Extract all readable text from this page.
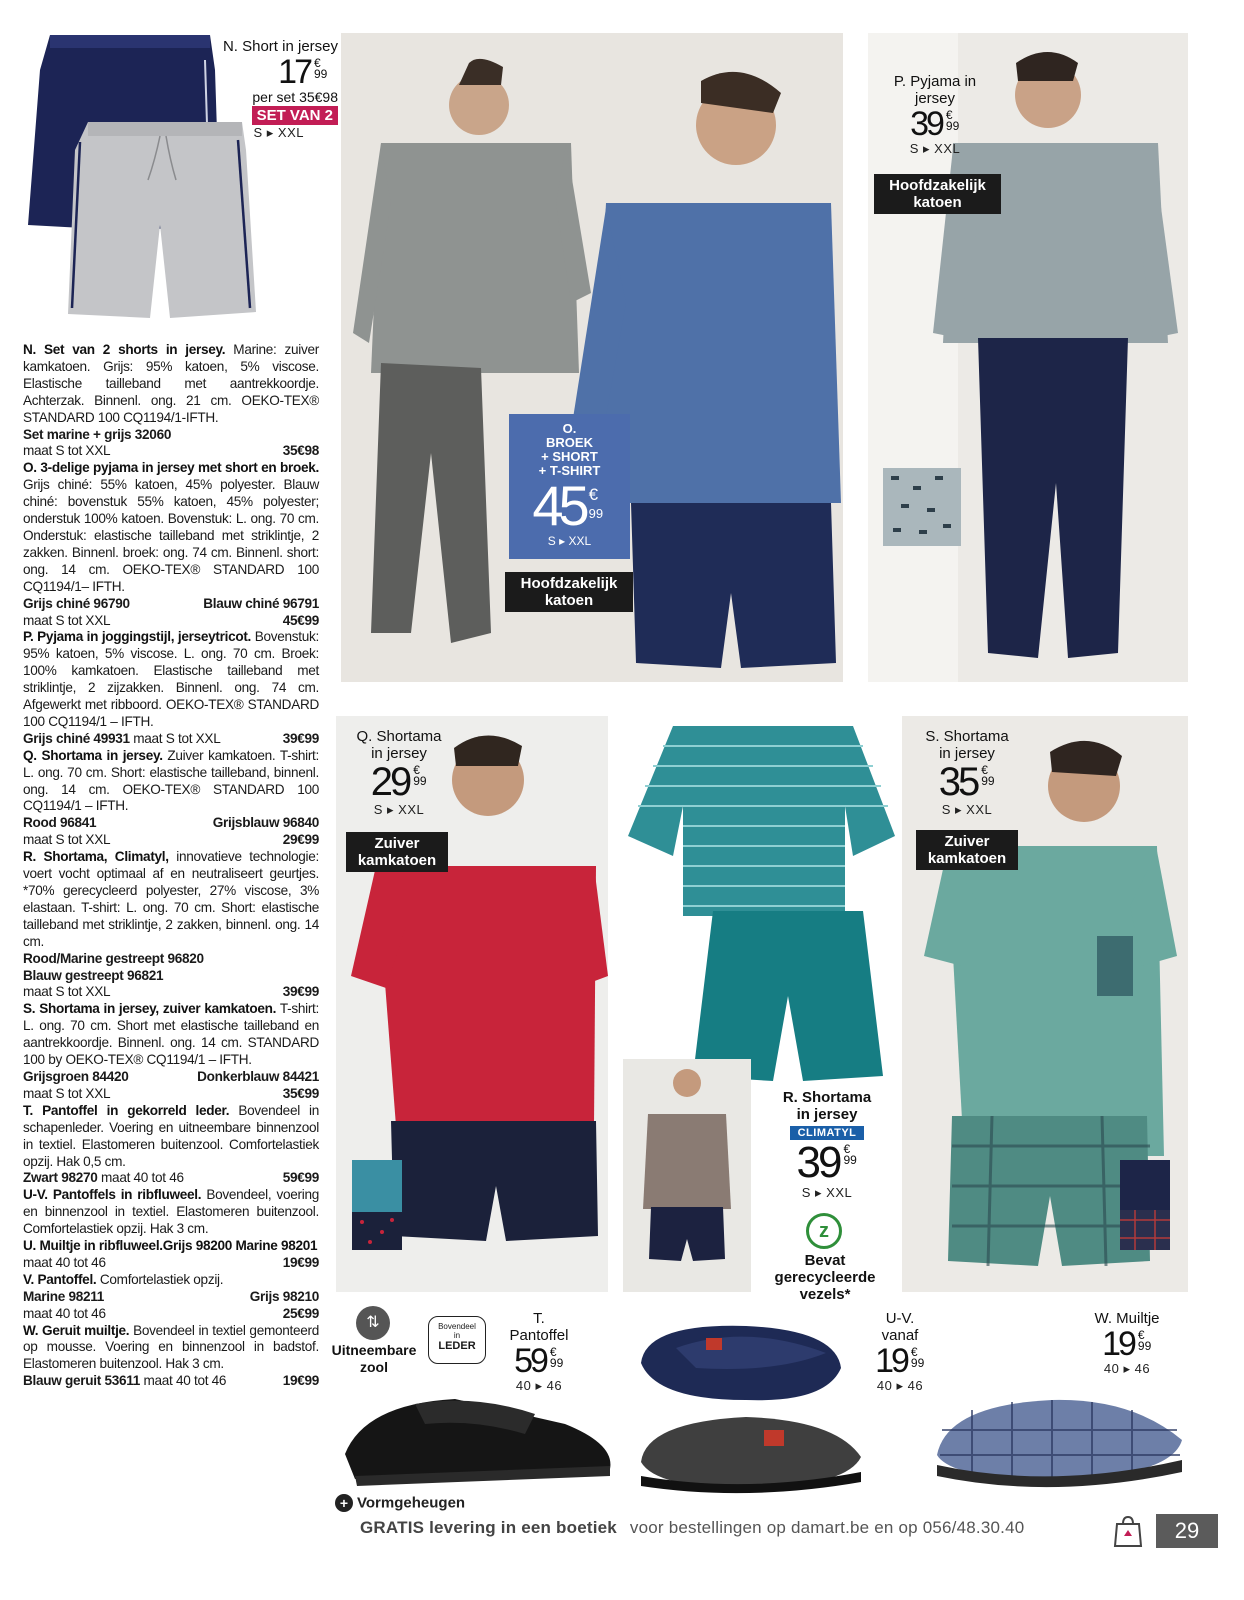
N. Short in jersey
17 €
99
per set 35€98
SET VAN 2
S ▸ XXL
O.
BROEK
+ SHORT
+ T-SHIRT
45 €
99
S ▸ XXL
Hoofdzakelijk
katoen
P. Pyjama in
jersey
39 €
99
S ▸ XXL
Hoofdzakelijk
katoen
Q. Shortama
in jersey
29 €
99
S ▸ XXL
Zuiver
kamkatoen
R. Shortama
in jersey
CLIMATYL 39 €
99
S ▸ XXL
z
Bevat
gerecycleerde
vezels*
S. Shortama
in jersey
35 €
99
S ▸ XXL
Zuiver
kamkatoen
⇅
Uitneembare
zool
Bovendeel
in
LEDER
T.
Pantoffel
59 €
99
40 ▸ 46
U-V.
vanaf
19 €
99
40 ▸ 46
W. Muiltje
19 €
99
40 ▸ 46
+ Vormgeheugen
N. Set van 2 shorts in jersey. Marine: zuiver kamkatoen. Grijs: 95% katoen, 5% viscose. Elastische tailleband met aantrekkoordje. Achterzak. Binnenl. ong. 21 cm. OEKO-TEX® STANDARD 100 CQ1194/1-IFTH.
Set marine + grijs 32060
maat S tot XXL	35€98
O. 3-delige pyjama in jersey met short en broek. Grijs chiné: 55% katoen, 45% polyester. Blauw chiné: bovenstuk 55% katoen, 45% polyester; onderstuk 100% katoen. Bovenstuk: L. ong. 70 cm. Onderstuk: elastische tailleband met striklintje, 2 zakken. Binnenl. broek: ong. 74 cm. Binnenl. short: ong. 14 cm. OEKO-TEX® STANDARD 100 CQ1194/1– IFTH.
Grijs chiné 96790	Blauw chiné 96791
maat S tot XXL	45€99
P. Pyjama in joggingstijl, jerseytricot. Bovenstuk: 95% katoen, 5% viscose. L. ong. 70 cm. Broek: 100% kamkatoen. Elastische tailleband met striklintje, 2 zijzakken. Binnenl. ong. 74 cm. Afgewerkt met ribboord. OEKO-TEX® STANDARD 100 CQ1194/1 – IFTH.
Grijs chiné 49931 maat S tot XXL	39€99
Q. Shortama in jersey. Zuiver kamkatoen. T-shirt: L. ong. 70 cm. Short: elastische tailleband, binnenl. ong. 14 cm. OEKO-TEX® STANDARD 100 CQ1194/1 – IFTH.
Rood 96841	Grijsblauw 96840
maat S tot XXL	29€99
R. Shortama, Climatyl, innovatieve technologie: voert vocht optimaal af en neutraliseert geurtjes. *70% gerecycleerd polyester, 27% viscose, 3% elastaan. T-shirt: L. ong. 70 cm. Short: elastische tailleband met striklintje, 2 zakken, binnenl. ong. 14 cm.
Rood/Marine gestreept 96820
Blauw gestreept 96821
maat S tot XXL	39€99
S. Shortama in jersey, zuiver kamkatoen. T-shirt: L. ong. 70 cm. Short met elastische tailleband en aantrekkoordje. Binnenl. ong. 14 cm. STANDARD 100 by OEKO-TEX® CQ1194/1 – IFTH.
Grijsgroen 84420	Donkerblauw 84421
maat S tot XXL	35€99
T. Pantoffel in gekorreld leder. Bovendeel in schapenleder. Voering en uitneembare binnenzool in textiel. Elastomeren buitenzool. Comfortelastiek opzij. Hak 0,5 cm.
Zwart 98270 maat 40 tot 46	59€99
U-V. Pantoffels in ribfluweel. Bovendeel, voering en binnenzool in textiel. Elastomeren buitenzool. Comfortelastiek opzij. Hak 3 cm.
U. Muiltje in ribfluweel.Grijs 98200 Marine 98201
maat 40 tot 46	19€99
V. Pantoffel. Comfortelastiek opzij.
Marine 98211	Grijs 98210
maat 40 tot 46	25€99
W. Geruit muiltje. Bovendeel in textiel gemonteerd op mousse. Voering en binnenzool in badstof. Elastomeren buitenzool. Hak 3 cm.
Blauw geruit 53611 maat 40 tot 46	19€99
GRATIS levering in een boetiek voor bestellingen op damart.be en op 056/48.30.40	29
